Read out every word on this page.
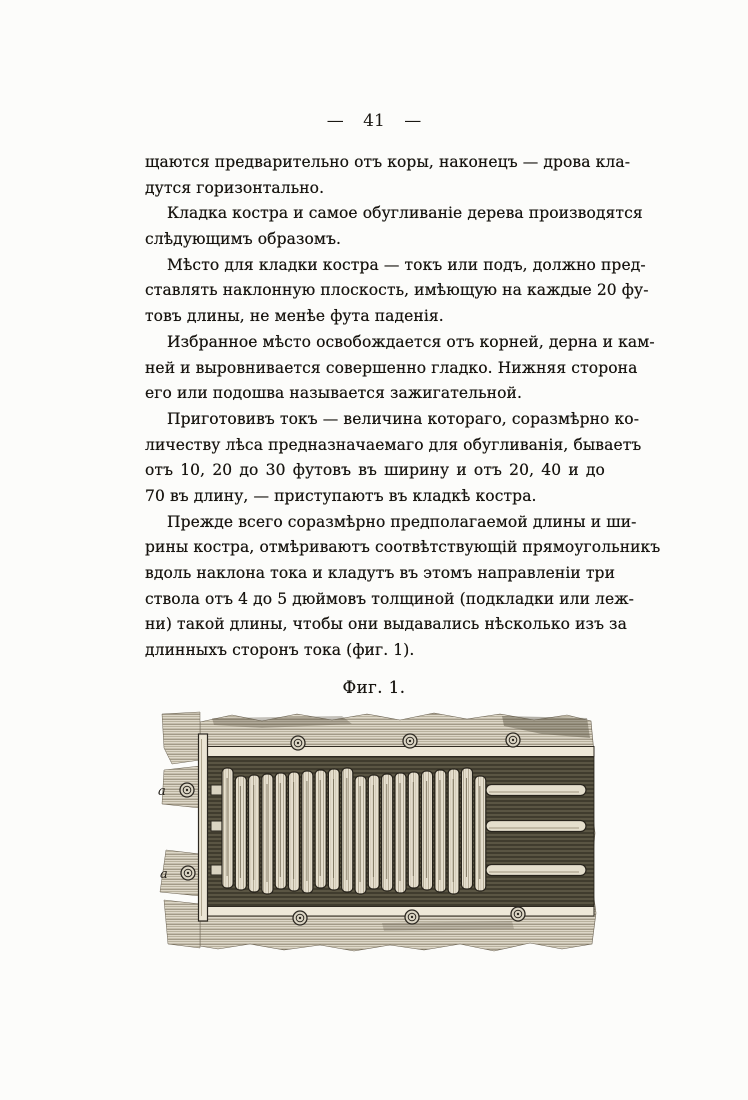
— 41 —
щаются предварительно отъ коры, наконецъ — дрова кла-
дутся горизонтально.
Кладка костра и самое обугливаніе дерева производятся
слѣдующимъ образомъ.
Мѣсто для кладки костра — токъ или подъ, должно пред-
ставлять наклонную плоскость, имѣющую на каждые 20 фу-
товъ длины, не менѣе фута паденія.
Избранное мѣсто освобождается отъ корней, дерна и кам-
ней и выровнивается совершенно гладко. Нижняя сторона
его или подошва называется зажигательной.
Приготовивъ токъ — величина котораго, соразмѣрно ко-
личеству лѣса предназначаемаго для обугливанія, бываетъ
отъ 10, 20 до 30 футовъ въ ширину и отъ 20, 40 и до
70 въ длину, — приступаютъ въ кладкѣ костра.
Прежде всего соразмѣрно предполагаемой длины и ши-
рины костра, отмѣриваютъ соотвѣтствующій прямоугольникъ
вдоль наклона тока и кладутъ въ этомъ направленіи три
ствола отъ 4 до 5 дюймовъ толщиной (подкладки или леж-
ни) такой длины, чтобы они выдавались нѣсколько изъ за
длинныхъ сторонъ тока (фиг. 1).
Фиг. 1.
а
а
